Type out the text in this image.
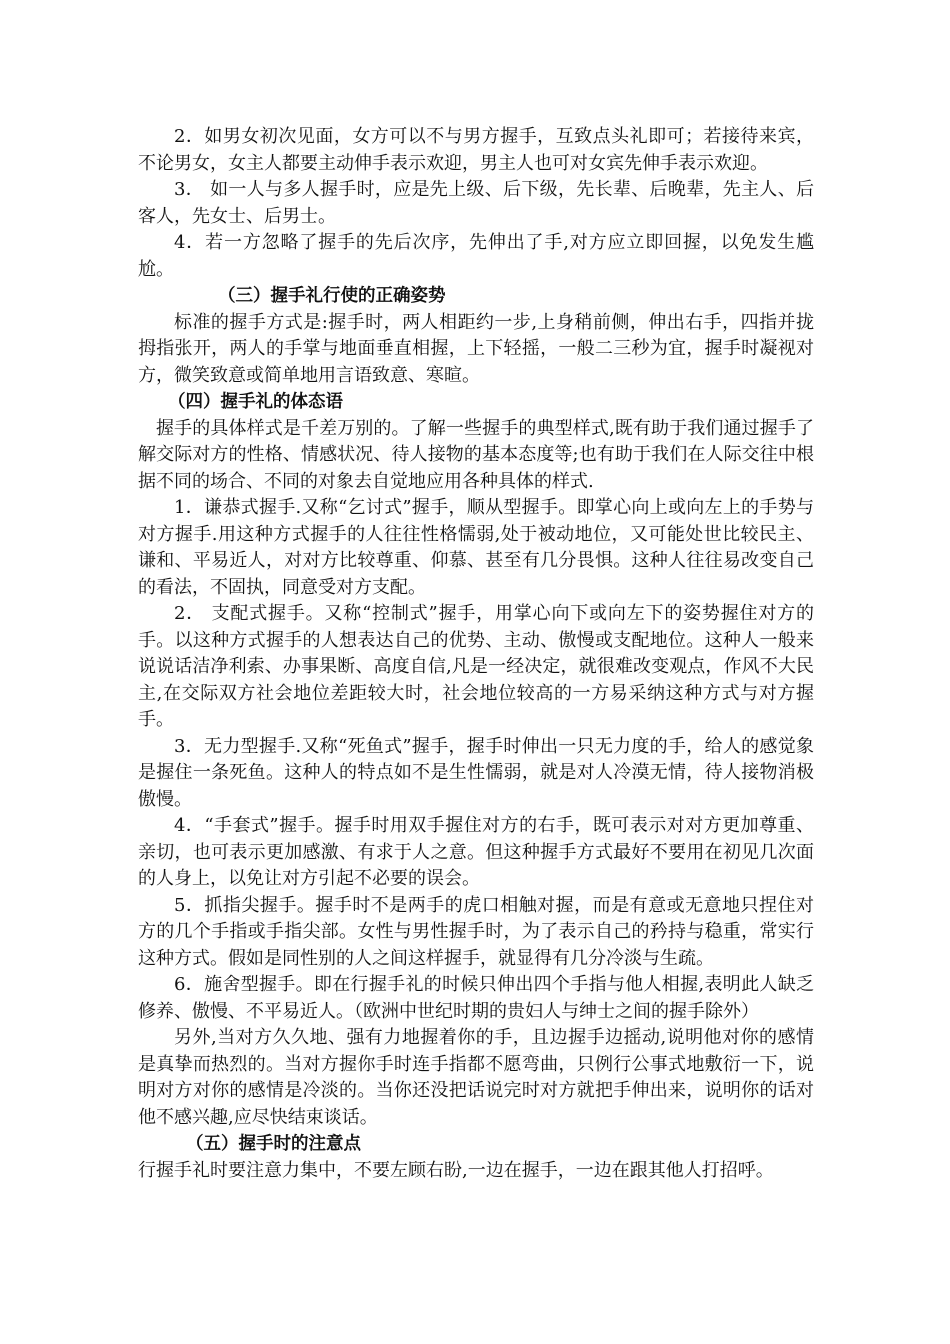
2．如男女初次见面，女方可以不与男方握手，互致点头礼即可；若接待来宾，不论男女，女主人都要主动伸手表示欢迎，男主人也可对女宾先伸手表示欢迎。

3． 如一人与多人握手时，应是先上级、后下级，先长辈、后晚辈，先主人、后客人，先女士、后男士。

4．若一方忽略了握手的先后次序，先伸出了手,对方应立即回握，以免发生尴尬。

（三）握手礼行使的正确姿势

标准的握手方式是:握手时，两人相距约一步,上身稍前侧，伸出右手，四指并拢拇指张开，两人的手掌与地面垂直相握，上下轻摇，一般二三秒为宜，握手时凝视对方，微笑致意或简单地用言语致意、寒暄。

（四）握手礼的体态语

握手的具体样式是千差万别的。了解一些握手的典型样式,既有助于我们通过握手了解交际对方的性格、情感状况、待人接物的基本态度等;也有助于我们在人际交往中根据不同的场合、不同的对象去自觉地应用各种具体的样式.

1．谦恭式握手.又称“乞讨式”握手，顺从型握手。即掌心向上或向左上的手势与对方握手.用这种方式握手的人往往性格懦弱,处于被动地位，又可能处世比较民主、谦和、平易近人，对对方比较尊重、仰慕、甚至有几分畏惧。这种人往往易改变自己的看法，不固执，同意受对方支配。

2． 支配式握手。又称“控制式”握手，用掌心向下或向左下的姿势握住对方的手。以这种方式握手的人想表达自己的优势、主动、傲慢或支配地位。这种人一般来说说话洁净利索、办事果断、高度自信,凡是一经决定，就很难改变观点，作风不大民主,在交际双方社会地位差距较大时，社会地位较高的一方易采纳这种方式与对方握手。

3．无力型握手.又称“死鱼式”握手，握手时伸出一只无力度的手，给人的感觉象是握住一条死鱼。这种人的特点如不是生性懦弱，就是对人冷漠无情，待人接物消极傲慢。

4．“手套式”握手。握手时用双手握住对方的右手，既可表示对对方更加尊重、亲切，也可表示更加感激、有求于人之意。但这种握手方式最好不要用在初见几次面的人身上，以免让对方引起不必要的误会。

5．抓指尖握手。握手时不是两手的虎口相触对握，而是有意或无意地只捏住对方的几个手指或手指尖部。女性与男性握手时，为了表示自己的矜持与稳重，常实行这种方式。假如是同性别的人之间这样握手，就显得有几分冷淡与生疏。

6．施舍型握手。即在行握手礼的时候只伸出四个手指与他人相握,表明此人缺乏修养、傲慢、不平易近人。（欧洲中世纪时期的贵妇人与绅士之间的握手除外）

另外,当对方久久地、强有力地握着你的手，且边握手边摇动,说明他对你的感情是真挚而热烈的。当对方握你手时连手指都不愿弯曲，只例行公事式地敷衍一下，说明对方对你的感情是冷淡的。当你还没把话说完时对方就把手伸出来，说明你的话对他不感兴趣,应尽快结束谈话。

（五）握手时的注意点

行握手礼时要注意力集中，不要左顾右盼,一边在握手，一边在跟其他人打招呼。
